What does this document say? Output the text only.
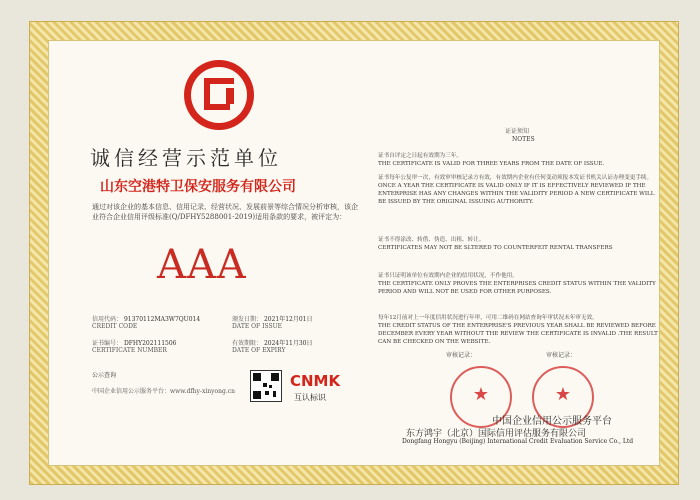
诚信经营示范单位
山东空港特卫保安服务有限公司
通过对该企业的基本信息、信用记录、经营状况、发展前景等综合情况分析审核，该企业符合企业信用评级标准(Q/DFHY5288001-2019)适用条款的要求，被评定为：
AAA
信用代码： 91370112MA3W7QU014
CREDIT CODE
颁发日期： 2021年12月01日
DATE OF ISSUE
证书编号： DFHY202111506
CERTIFICATE NUMBER
有效期限： 2024年11月30日
DATE OF EXPIRY
公示查询
中国企业信用公示服务平台：www.dfhy-xinyong.cn
CNMK
互认标识
证证须知
NOTES
证书自评定之日起有效期为三年。
THE CERTIFICATE IS VALID FOR THREE YEARS FROM THE DATE OF ISSUE.
证书每年公复审一次，有效审审核记录方有效，有效期内企业有任何变动须报本发证书机关认证办理变更手续。
ONCE A YEAR THE CERTIFICATE IS VALID ONLY IF IT IS EFFECTIVELY REVIEWED IF THE ENTERPRISE HAS ANY CHANGES WITHIN THE VALIDITY PERIOD A NEW CERTIFICATE WILL BE ISSUED BY THE ORIGINAL ISSUING AUTHORITY.
证书不得涂改、转借、伪造、出租、转让。
CERTIFICATES MAY NOT BE SLTERED TO COUNTERFEIT RENTAL TRANSFERS
证书只证明该单位有效期内企业的信用状况，不作他用。
THE CERTIFICATE ONLY PROVES THE ENTERPRISES CREDIT STATUS WITHIN THE VALIDITY PERIOD AND WILL NOT BE USED FOR OTHER PURPOSES.
每年12月前对上一年度信用状况进行年审，可用二维码在网站查询年审状况未年审无效。
THE CREDIT STATUS OF THE ENTERPRISE'S PREVIOUS YEAR SHALL BE REVIEWED BEFORE DECEMBER EVERY YEAR WITHOUT THE REVIEW THE CERTIFICATE IS INVALID .THE RESULT CAN BE CHECKED ON THE WEBSITE.
审核记录：	审核记录：
★	★
中国企业信用公示服务平台
东方鸿宇（北京）国际信用评估服务有限公司
Dongfang Hongyu (Beijing) International Credit Evaluation Service Co., Ltd
